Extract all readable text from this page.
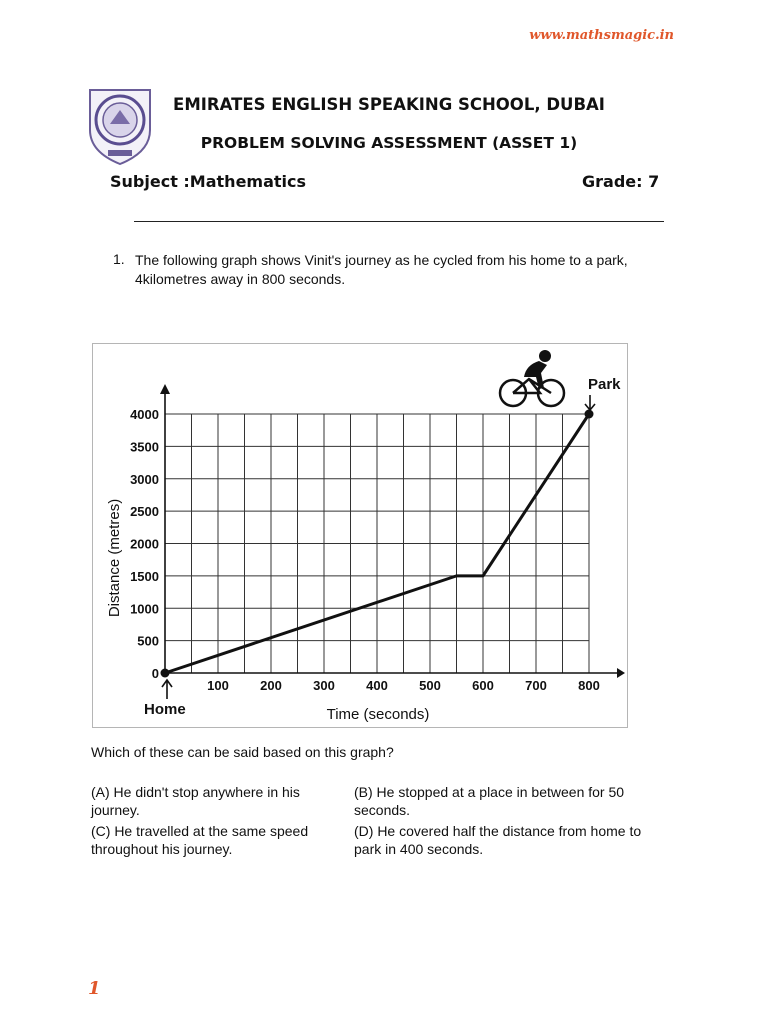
www.mathsmagic.in
EMIRATES ENGLISH SPEAKING SCHOOL, DUBAI
PROBLEM SOLVING ASSESSMENT (ASSET 1)
Subject :Mathematics	Grade: 7
1. The following graph shows Vinit's journey as he cycled from his home to a park, 4kilometres away in 800 seconds.
100 200 300 400 500 600 700 800
0
500
1000
1500
2000
2500
3000
3500
4000
Time (seconds)
Distance (metres)
Home
Park
Which of these can be said based on this graph?
(A) He didn't stop anywhere in his journey.
(B) He stopped at a place in between for 50 seconds.
(C) He travelled at the same speed throughout his journey.
(D) He covered half the distance from home to park in 400 seconds.
1
